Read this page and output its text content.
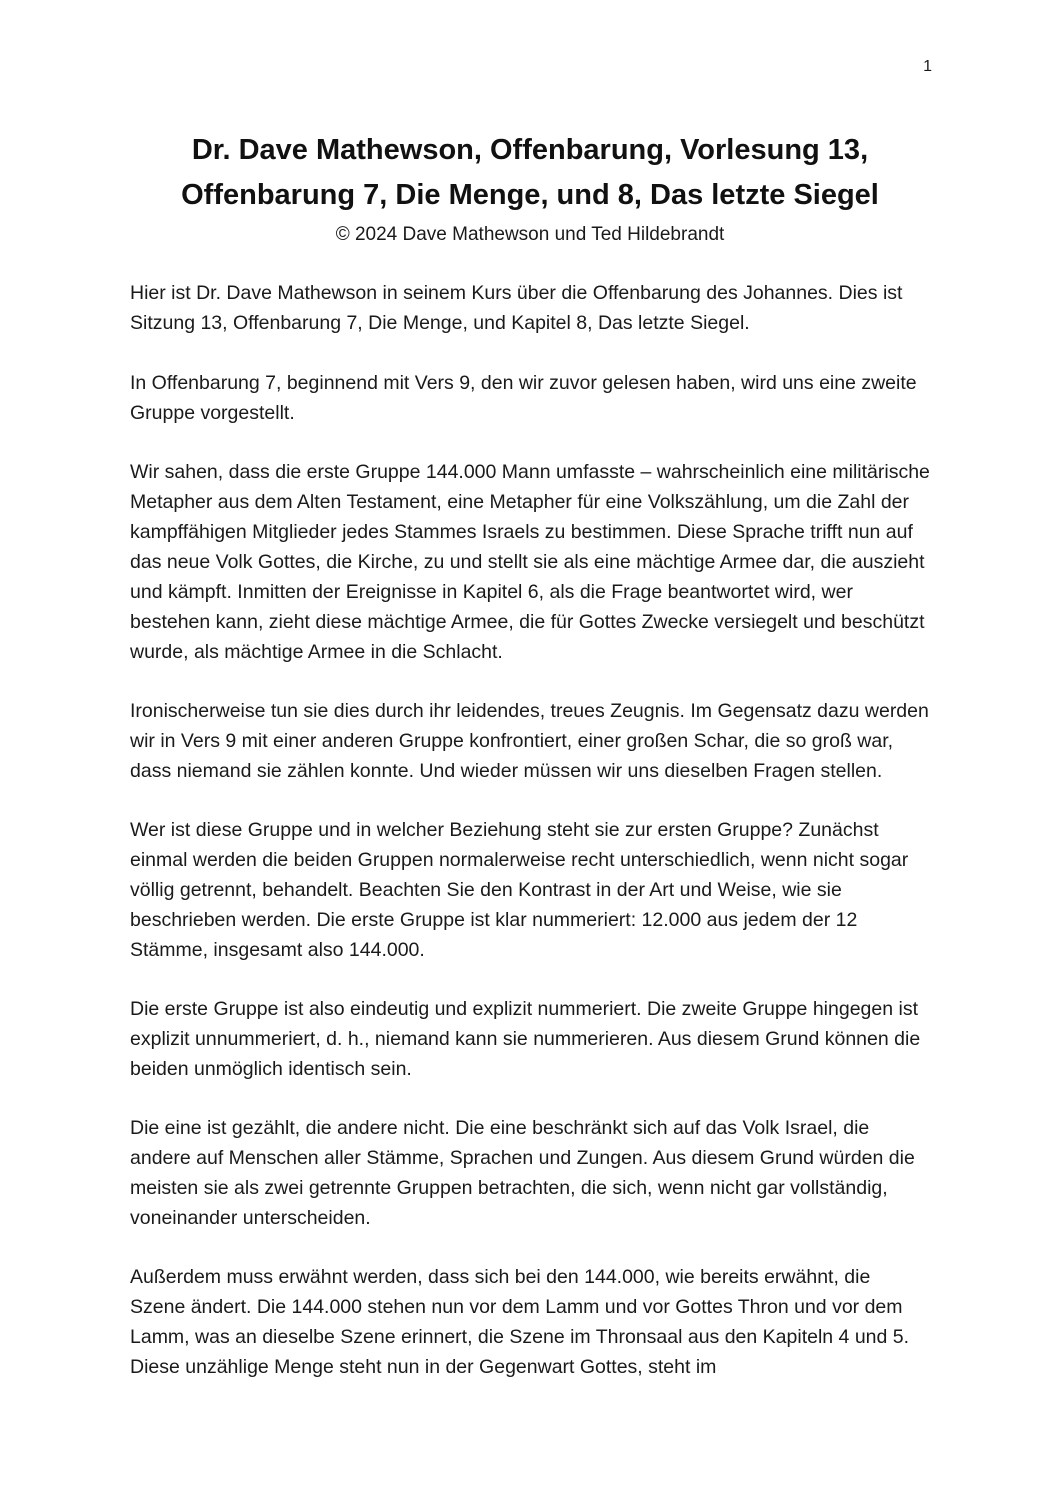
1
Dr. Dave Mathewson, Offenbarung, Vorlesung 13,
Offenbarung 7, Die Menge, und 8, Das letzte Siegel
© 2024 Dave Mathewson und Ted Hildebrandt

Hier ist Dr. Dave Mathewson in seinem Kurs über die Offenbarung des Johannes. Dies ist Sitzung 13, Offenbarung 7, Die Menge, und Kapitel 8, Das letzte Siegel.

In Offenbarung 7, beginnend mit Vers 9, den wir zuvor gelesen haben, wird uns eine zweite Gruppe vorgestellt.

Wir sahen, dass die erste Gruppe 144.000 Mann umfasste – wahrscheinlich eine militärische Metapher aus dem Alten Testament, eine Metapher für eine Volkszählung, um die Zahl der kampffähigen Mitglieder jedes Stammes Israels zu bestimmen. Diese Sprache trifft nun auf das neue Volk Gottes, die Kirche, zu und stellt sie als eine mächtige Armee dar, die auszieht und kämpft. Inmitten der Ereignisse in Kapitel 6, als die Frage beantwortet wird, wer bestehen kann, zieht diese mächtige Armee, die für Gottes Zwecke versiegelt und beschützt wurde, als mächtige Armee in die Schlacht.

Ironischerweise tun sie dies durch ihr leidendes, treues Zeugnis. Im Gegensatz dazu werden wir in Vers 9 mit einer anderen Gruppe konfrontiert, einer großen Schar, die so groß war, dass niemand sie zählen konnte. Und wieder müssen wir uns dieselben Fragen stellen.

Wer ist diese Gruppe und in welcher Beziehung steht sie zur ersten Gruppe? Zunächst einmal werden die beiden Gruppen normalerweise recht unterschiedlich, wenn nicht sogar völlig getrennt, behandelt. Beachten Sie den Kontrast in der Art und Weise, wie sie beschrieben werden. Die erste Gruppe ist klar nummeriert: 12.000 aus jedem der 12 Stämme, insgesamt also 144.000.

Die erste Gruppe ist also eindeutig und explizit nummeriert. Die zweite Gruppe hingegen ist explizit unnummeriert, d. h., niemand kann sie nummerieren. Aus diesem Grund können die beiden unmöglich identisch sein.

Die eine ist gezählt, die andere nicht. Die eine beschränkt sich auf das Volk Israel, die andere auf Menschen aller Stämme, Sprachen und Zungen. Aus diesem Grund würden die meisten sie als zwei getrennte Gruppen betrachten, die sich, wenn nicht gar vollständig, voneinander unterscheiden.

Außerdem muss erwähnt werden, dass sich bei den 144.000, wie bereits erwähnt, die Szene ändert. Die 144.000 stehen nun vor dem Lamm und vor Gottes Thron und vor dem Lamm, was an dieselbe Szene erinnert, die Szene im Thronsaal aus den Kapiteln 4 und 5. Diese unzählige Menge steht nun in der Gegenwart Gottes, steht im
